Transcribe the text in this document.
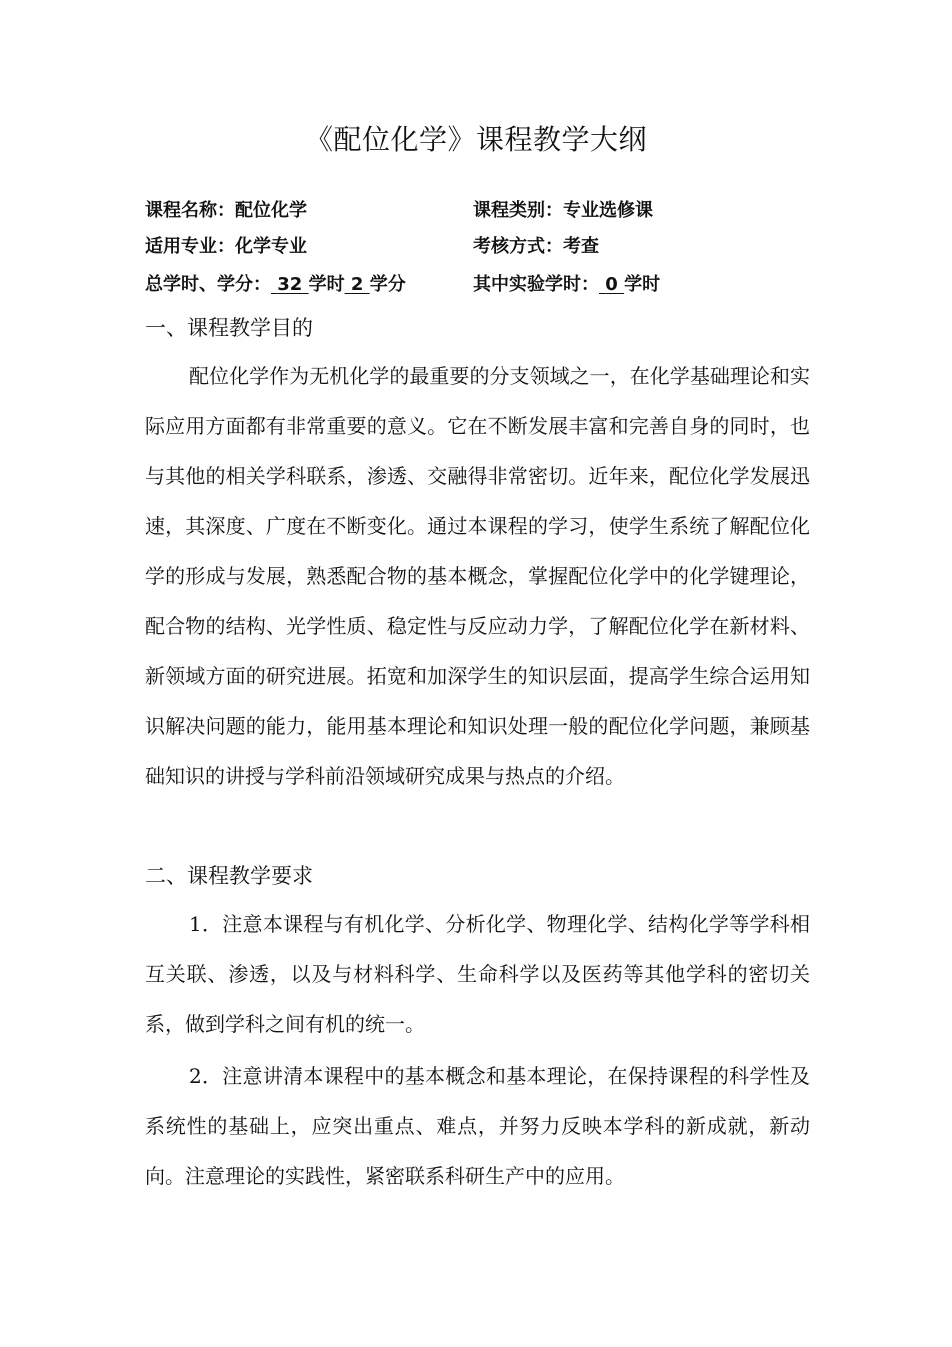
《配位化学》课程教学大纲
课程名称：配位化学	课程类别：专业选修课
适用专业：化学专业	考核方式：考查
总学时、学分： 32 学时 2 学分	其中实验学时： 0 学时
一、课程教学目的

配位化学作为无机化学的最重要的分支领域之一，在化学基础理论和实际应用方面都有非常重要的意义。它在不断发展丰富和完善自身的同时，也与其他的相关学科联系，渗透、交融得非常密切。近年来，配位化学发展迅速，其深度、广度在不断变化。通过本课程的学习，使学生系统了解配位化学的形成与发展，熟悉配合物的基本概念，掌握配位化学中的化学键理论，配合物的结构、光学性质、稳定性与反应动力学，了解配位化学在新材料、新领域方面的研究进展。拓宽和加深学生的知识层面，提高学生综合运用知识解决问题的能力，能用基本理论和知识处理一般的配位化学问题，兼顾基础知识的讲授与学科前沿领域研究成果与热点的介绍。

二、课程教学要求

1．注意本课程与有机化学、分析化学、物理化学、结构化学等学科相互关联、渗透，以及与材料科学、生命科学以及医药等其他学科的密切关系，做到学科之间有机的统一。

2．注意讲清本课程中的基本概念和基本理论，在保持课程的科学性及系统性的基础上，应突出重点、难点，并努力反映本学科的新成就，新动向。注意理论的实践性，紧密联系科研生产中的应用。
